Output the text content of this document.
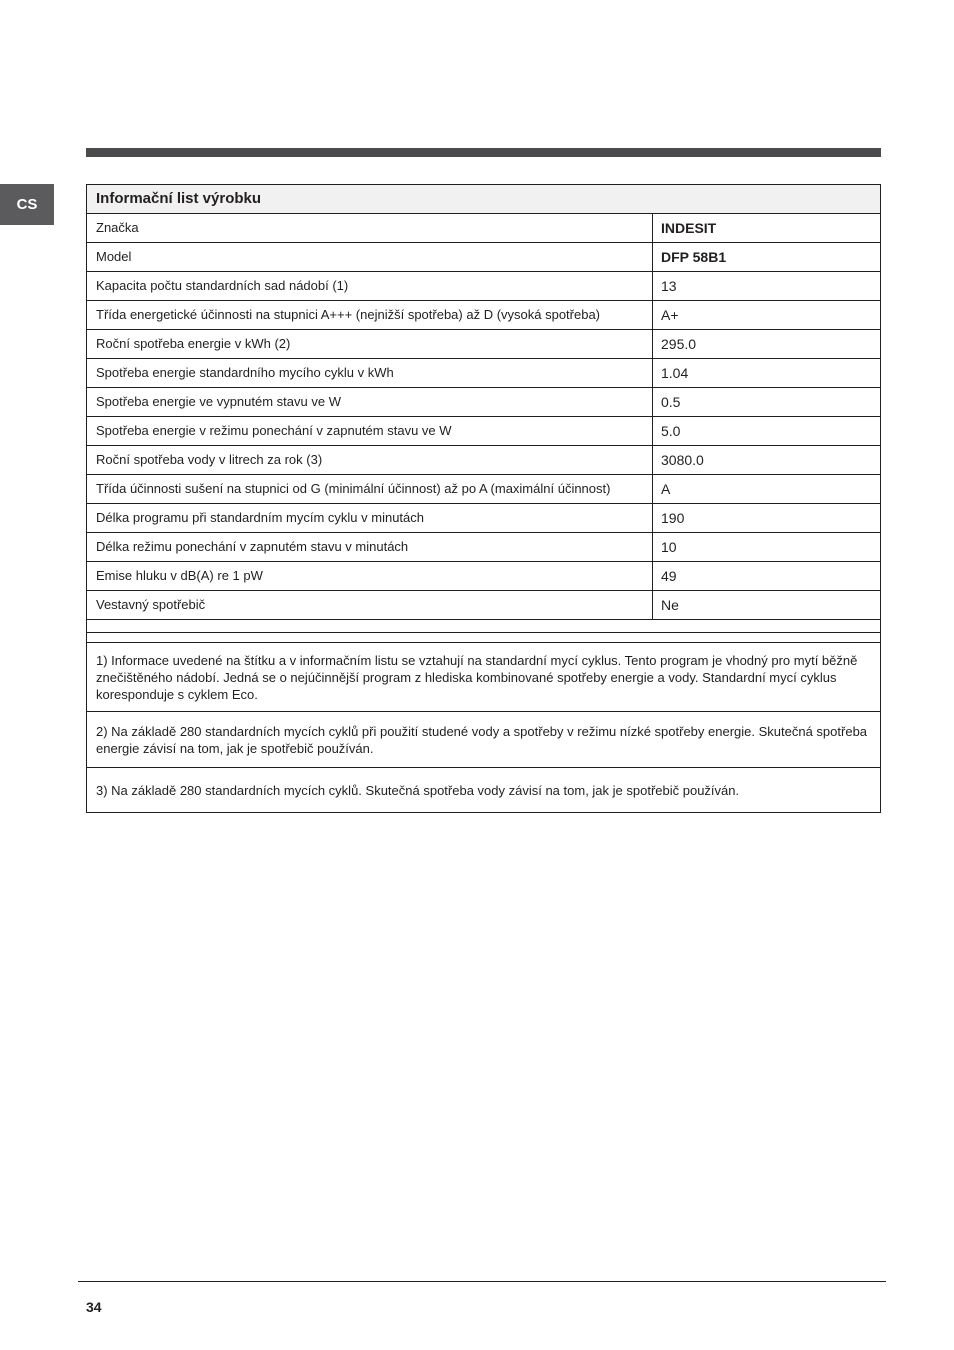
CS	Informační list výrobku
Značka	INDESIT
Model	DFP 58B1
Kapacita počtu standardních sad nádobí (1)	13
Třída energetické účinnosti na stupnici A+++ (nejnižší spotřeba) až D (vysoká spotřeba)	A+
Roční spotřeba energie v kWh (2)	295.0
Spotřeba energie standardního mycího cyklu v kWh	1.04
Spotřeba energie ve vypnutém stavu ve W	0.5
Spotřeba energie v režimu ponechání v zapnutém stavu ve W	5.0
Roční spotřeba vody v litrech za rok (3)	3080.0
Třída účinnosti sušení na stupnici od G (minimální účinnost) až po A (maximální účinnost)	A
Délka programu při standardním mycím cyklu v minutách	190
Délka režimu ponechání v zapnutém stavu v minutách	10
Emise hluku v dB(A) re 1 pW	49
Vestavný spotřebič	Ne
1) Informace uvedené na štítku a v informačním listu se vztahují na standardní mycí cyklus. Tento program je vhodný pro mytí běžně znečištěného nádobí. Jedná se o nejúčinnější program z hlediska kombinované spotřeby energie a vody. Standardní mycí cyklus koresponduje s cyklem Eco.
2) Na základě 280 standardních mycích cyklů při použití studené vody a spotřeby v režimu nízké spotřeby energie. Skutečná spotřeba energie závisí na tom, jak je spotřebič používán.
3) Na základě 280 standardních mycích cyklů. Skutečná spotřeba vody závisí na tom, jak je spotřebič používán.
34
